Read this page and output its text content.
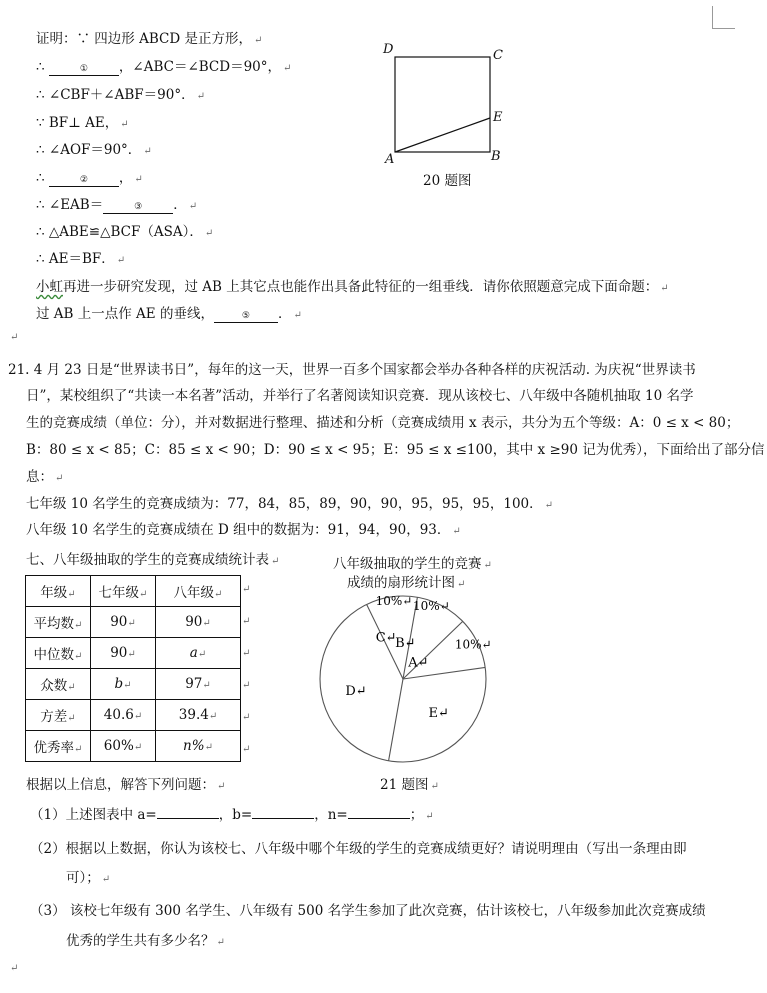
证明：∵ 四边形 ABCD 是正方形， ↵
∴	① ，∠ABC＝∠BCD＝90°， ↵
∴ ∠CBF＋∠ABF＝90°． ↵
∵ BF⊥ AE， ↵
∴ ∠AOF＝90°． ↵
∴	② ， ↵
∴ ∠EAB＝	③ ． ↵
∴ △ABE≌△BCF（ASA）． ↵
∴ AE＝BF． ↵
小虹再进一步研究发现，过 AB 上其它点也能作出具备此特征的一组垂线．请你依照题意完成下面命题： ↵
过 AB 上一点作 AE 的垂线，	⑤ ． ↵
↵
D	C
E
A	B
20 题图
21. 4 月 23 日是“世界读书日”，每年的这一天，世界一百多个国家都会举办各种各样的庆祝活动. 为庆祝“世界读书
日”，某校组织了“共读一本名著”活动，并举行了名著阅读知识竞赛．现从该校七、八年级中各随机抽取 10 名学
生的竞赛成绩（单位：分），并对数据进行整理、描述和分析（竞赛成绩用 x 表示，共分为五个等级：A：0 ≤ x < 80；
B：80 ≤ x < 85；C：85 ≤ x < 90；D：90 ≤ x < 95；E：95 ≤ x ≤100，其中 x ≥90 记为优秀），下面给出了部分信
息： ↵
七年级 10 名学生的竞赛成绩为：77，84，85，89，90，90，95，95，95，100． ↵
八年级 10 名学生的竞赛成绩在 D 组中的数据为：91，94，90，93． ↵
七、八年级抽取的学生的竞赛成绩统计表 ↵
年级↵	七年级↵	八年级↵
平均数↵	90↵	90↵
中位数↵	90↵	a↵
众数↵	b↵	97↵
方差↵	40.6↵	39.4↵
优秀率↵	60%↵	n%↵
↵
↵
↵
↵
↵
↵
八年级抽取的学生的竞赛 ↵
成绩的扇形统计图 ↵
A↵
10%↵
B↵
10%↵
C↵
10%↵
D↵
E↵
21 题图 ↵
根据以上信息，解答下列问题： ↵
（1）上述图表中 a=	，b=	，n=	； ↵
（2）根据以上数据，你认为该校七、八年级中哪个年级的学生的竞赛成绩更好？请说明理由（写出一条理由即
可）； ↵
（3） 该校七年级有 300 名学生、八年级有 500 名学生参加了此次竞赛，估计该校七，八年级参加此次竞赛成绩
优秀的学生共有多少名？ ↵
↵
